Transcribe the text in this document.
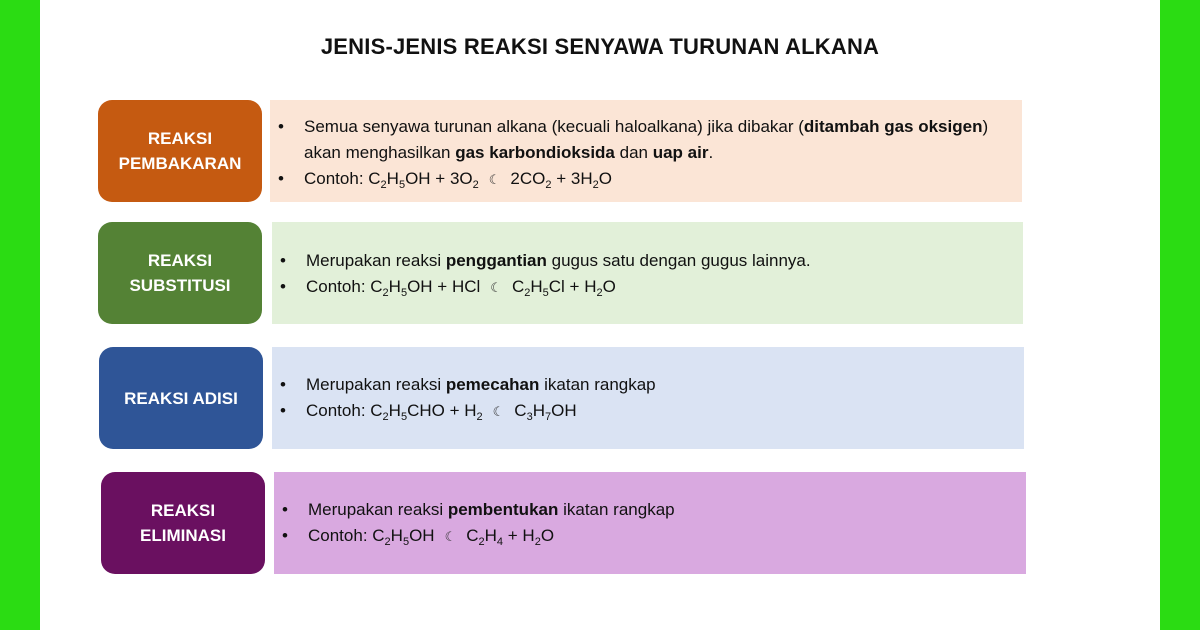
JENIS-JENIS REAKSI SENYAWA TURUNAN ALKANA
REAKSI
PEMBAKARAN
• Semua senyawa turunan alkana (kecuali haloalkana) jika dibakar (ditambah gas oksigen) akan menghasilkan gas karbondioksida dan uap air.
• Contoh: $C_2H_5OH + 3O_2$ ☾ $2CO_2 + 3H_2O$
REAKSI
SUBSTITUSI
• Merupakan reaksi penggantian gugus satu dengan gugus lainnya.
• Contoh: $C_2H_5OH$ + HCl ☾ $C_2H_5Cl + H_2O$
REAKSI ADISI
• Merupakan reaksi pemecahan ikatan rangkap
• Contoh: $C_2H_5CHO + H_2$ ☾ $C_3H_7OH$
REAKSI
ELIMINASI
• Merupakan reaksi pembentukan ikatan rangkap
• Contoh: $C_2H_5OH$ ☾ $C_2H_4 + H_2O$
